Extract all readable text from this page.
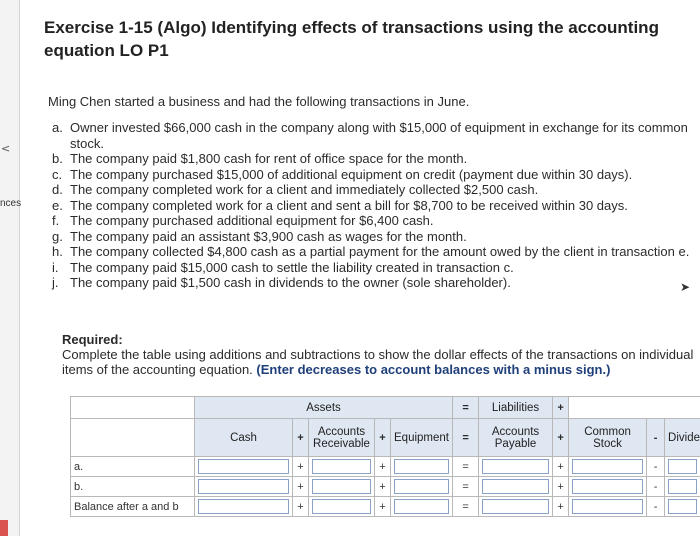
<
nces
Exercise 1-15 (Algo) Identifying effects of transactions using the accounting equation LO P1
Ming Chen started a business and had the following transactions in June.
a. Owner invested $66,000 cash in the company along with $15,000 of equipment in exchange for its common stock.
b. The company paid $1,800 cash for rent of office space for the month.
c. The company purchased $15,000 of additional equipment on credit (payment due within 30 days).
d. The company completed work for a client and immediately collected $2,500 cash.
e. The company completed work for a client and sent a bill for $8,700 to be received within 30 days.
f. The company purchased additional equipment for $6,400 cash.
g. The company paid an assistant $3,900 cash as wages for the month.
h. The company collected $4,800 cash as a partial payment for the amount owed by the client in transaction e.
i. The company paid $15,000 cash to settle the liability created in transaction c.
j. The company paid $1,500 cash in dividends to the owner (sole shareholder).
Required:
Complete the table using additions and subtractions to show the dollar effects of the transactions on individual items of the accounting equation. (Enter decreases to account balances with a minus sign.)
➤
	Assets					=	Liabilities	+			
	Cash	+	Accounts Receivable	+	Equipment	=	Accounts Payable	+	Common Stock	-	Divide
a.		+		+		=		+		-	
b.		+		+		=		+		-	
Balance after a and b		+		+		=		+		-	
